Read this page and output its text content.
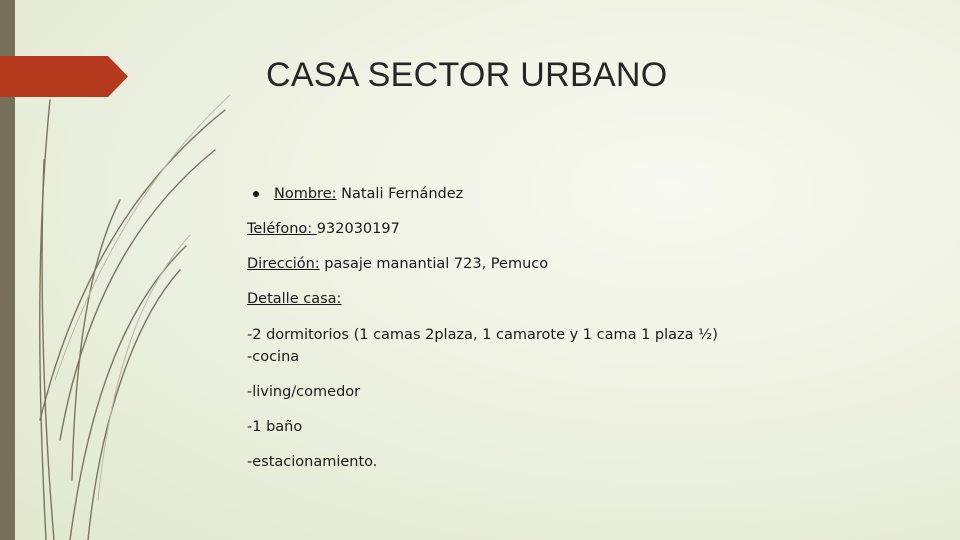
CASA SECTOR URBANO

Nombre: Natali Fernández

Teléfono: 932030197

Dirección: pasaje manantial 723, Pemuco

Detalle casa:

-2 dormitorios (1 camas 2plaza, 1 camarote y 1 cama 1 plaza ½)

-cocina

-living/comedor

-1 baño

-estacionamiento.
